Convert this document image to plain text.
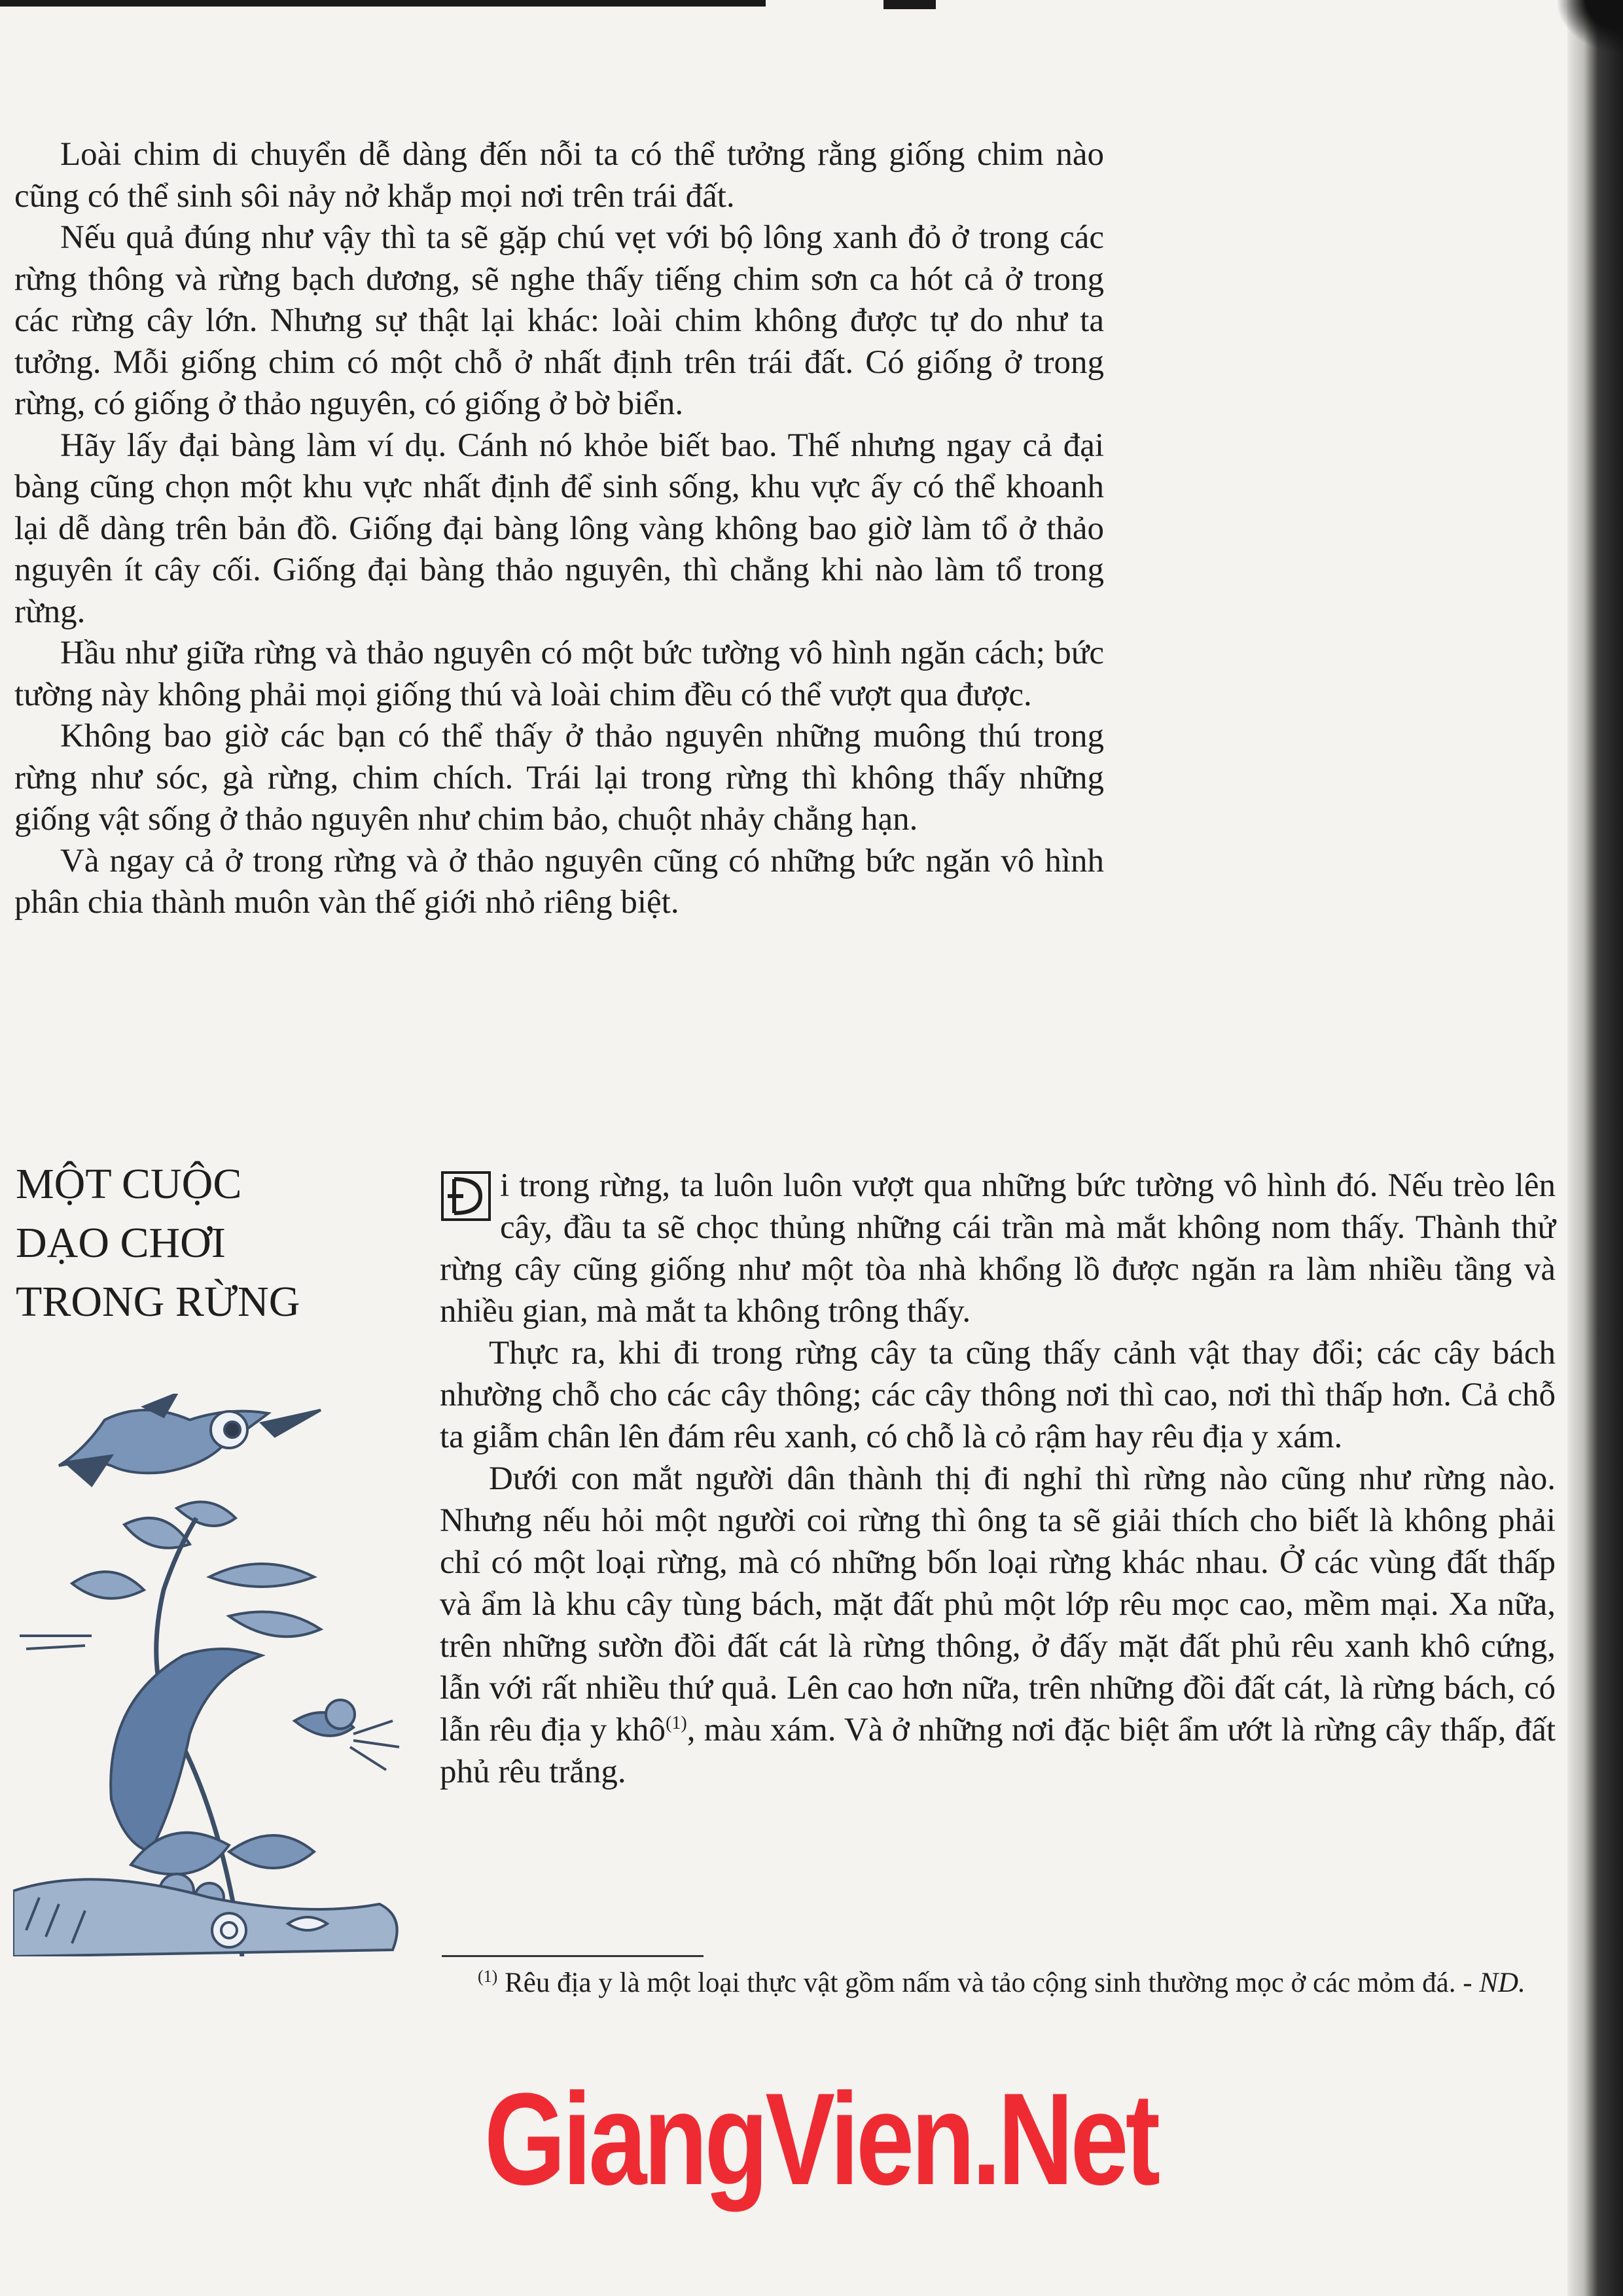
Loài chim di chuyển dễ dàng đến nỗi ta có thể tưởng rằng giống chim nào cũng có thể sinh sôi nảy nở khắp mọi nơi trên trái đất.

Nếu quả đúng như vậy thì ta sẽ gặp chú vẹt với bộ lông xanh đỏ ở trong các rừng thông và rừng bạch dương, sẽ nghe thấy tiếng chim sơn ca hót cả ở trong các rừng cây lớn. Nhưng sự thật lại khác: loài chim không được tự do như ta tưởng. Mỗi giống chim có một chỗ ở nhất định trên trái đất. Có giống ở trong rừng, có giống ở thảo nguyên, có giống ở bờ biển.

Hãy lấy đại bàng làm ví dụ. Cánh nó khỏe biết bao. Thế nhưng ngay cả đại bàng cũng chọn một khu vực nhất định để sinh sống, khu vực ấy có thể khoanh lại dễ dàng trên bản đồ. Giống đại bàng lông vàng không bao giờ làm tổ ở thảo nguyên ít cây cối. Giống đại bàng thảo nguyên, thì chẳng khi nào làm tổ trong rừng.

Hầu như giữa rừng và thảo nguyên có một bức tường vô hình ngăn cách; bức tường này không phải mọi giống thú và loài chim đều có thể vượt qua được.

Không bao giờ các bạn có thể thấy ở thảo nguyên những muông thú trong rừng như sóc, gà rừng, chim chích. Trái lại trong rừng thì không thấy những giống vật sống ở thảo nguyên như chim bảo, chuột nhảy chẳng hạn.

Và ngay cả ở trong rừng và ở thảo nguyên cũng có những bức ngăn vô hình phân chia thành muôn vàn thế giới nhỏ riêng biệt.

MỘT CUỘC
DẠO CHƠI
TRONG RỪNG

i trong rừng, ta luôn luôn vượt qua những bức tường vô hình đó. Nếu trèo lên cây, đầu ta sẽ chọc thủng những cái trần mà mắt không nom thấy. Thành thử rừng cây cũng giống như một tòa nhà khổng lồ được ngăn ra làm nhiều tầng và nhiều gian, mà mắt ta không trông thấy.

Thực ra, khi đi trong rừng cây ta cũng thấy cảnh vật thay đổi; các cây bách nhường chỗ cho các cây thông; các cây thông nơi thì cao, nơi thì thấp hơn. Cả chỗ ta giẫm chân lên đám rêu xanh, có chỗ là cỏ rậm hay rêu địa y xám.

Dưới con mắt người dân thành thị đi nghỉ thì rừng nào cũng như rừng nào. Nhưng nếu hỏi một người coi rừng thì ông ta sẽ giải thích cho biết là không phải chỉ có một loại rừng, mà có những bốn loại rừng khác nhau. Ở các vùng đất thấp và ẩm là khu cây tùng bách, mặt đất phủ một lớp rêu mọc cao, mềm mại. Xa nữa, trên những sườn đồi đất cát là rừng thông, ở đấy mặt đất phủ rêu xanh khô cứng, lẫn với rất nhiều thứ quả. Lên cao hơn nữa, trên những đồi đất cát, là rừng bách, có lẫn rêu địa y khô$^{(1)}$, màu xám. Và ở những nơi đặc biệt ẩm ướt là rừng cây thấp, đất phủ rêu trắng.

$^{(1)}$ Rêu địa y là một loại thực vật gồm nấm và tảo cộng sinh thường mọc ở các mỏm đá. - ND.

GiangVien.Net
